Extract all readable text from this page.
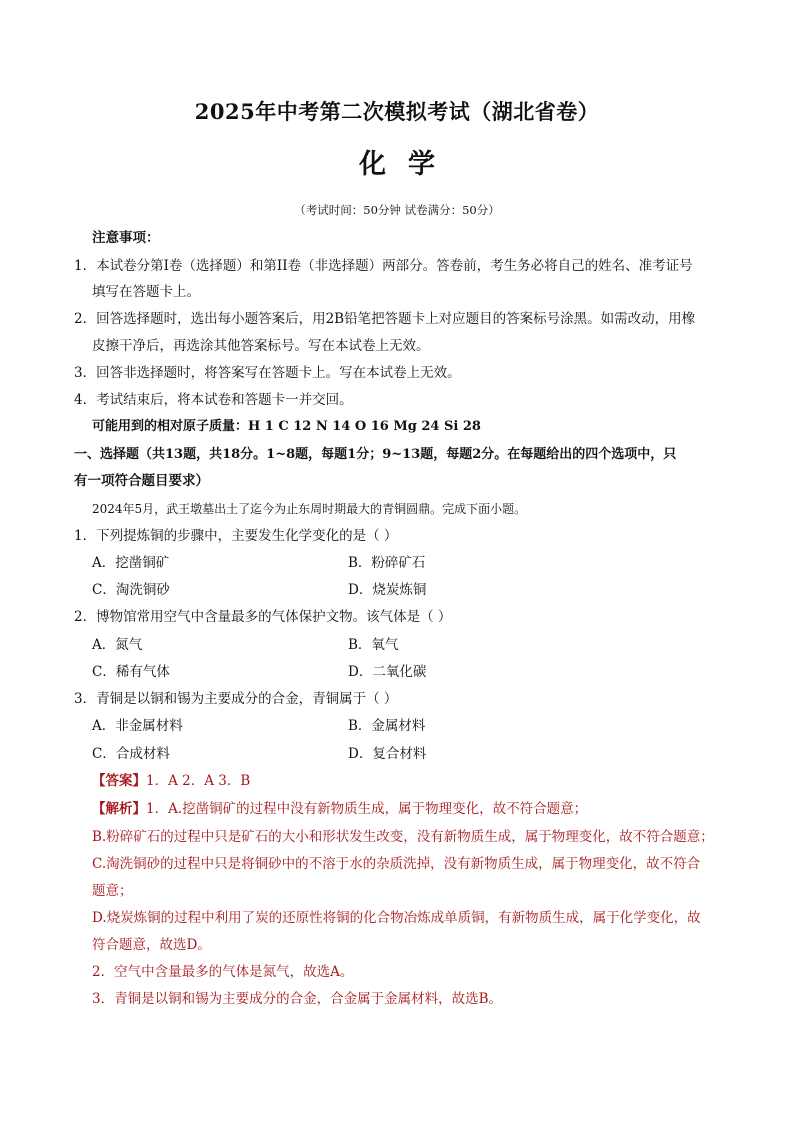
2025年中考第二次模拟考试（湖北省卷）
化学
（考试时间：50分钟 试卷满分：50分）
注意事项：
1．本试卷分第Ⅰ卷（选择题）和第II卷（非选择题）两部分。答卷前，考生务必将自己的姓名、准考证号
填写在答题卡上。
2．回答选择题时，选出每小题答案后，用2B铅笔把答题卡上对应题目的答案标号涂黑。如需改动，用橡
皮擦干净后，再选涂其他答案标号。写在本试卷上无效。
3．回答非选择题时，将答案写在答题卡上。写在本试卷上无效。
4．考试结束后，将本试卷和答题卡一并交回。
可能用到的相对原子质量：H 1 C 12 N 14 O 16 Mg 24 Si 28
一、选择题（共13题，共18分。1~8题，每题1分；9~13题，每题2分。在每题给出的四个选项中，只
有一项符合题目要求）
2024年5月，武王墩墓出土了迄今为止东周时期最大的青铜圆鼎。完成下面小题。
1．下列提炼铜的步骤中，主要发生化学变化的是（ ）
A．挖凿铜矿	B．粉碎矿石
C．淘洗铜砂	D．烧炭炼铜
2．博物馆常用空气中含量最多的气体保护文物。该气体是（ ）
A．氮气	B．氧气
C．稀有气体	D．二氧化碳
3．青铜是以铜和锡为主要成分的合金，青铜属于（ ）
A．非金属材料	B．金属材料
C．合成材料	D．复合材料
【答案】1．A 2．A 3．B
【解析】1．A.挖凿铜矿的过程中没有新物质生成，属于物理变化，故不符合题意；
B.粉碎矿石的过程中只是矿石的大小和形状发生改变，没有新物质生成，属于物理变化，故不符合题意；
C.淘洗铜砂的过程中只是将铜砂中的不溶于水的杂质洗掉，没有新物质生成，属于物理变化，故不符合
题意；
D.烧炭炼铜的过程中利用了炭的还原性将铜的化合物冶炼成单质铜，有新物质生成，属于化学变化，故
符合题意，故选D。
2．空气中含量最多的气体是氮气，故选A。
3．青铜是以铜和锡为主要成分的合金，合金属于金属材料，故选B。
